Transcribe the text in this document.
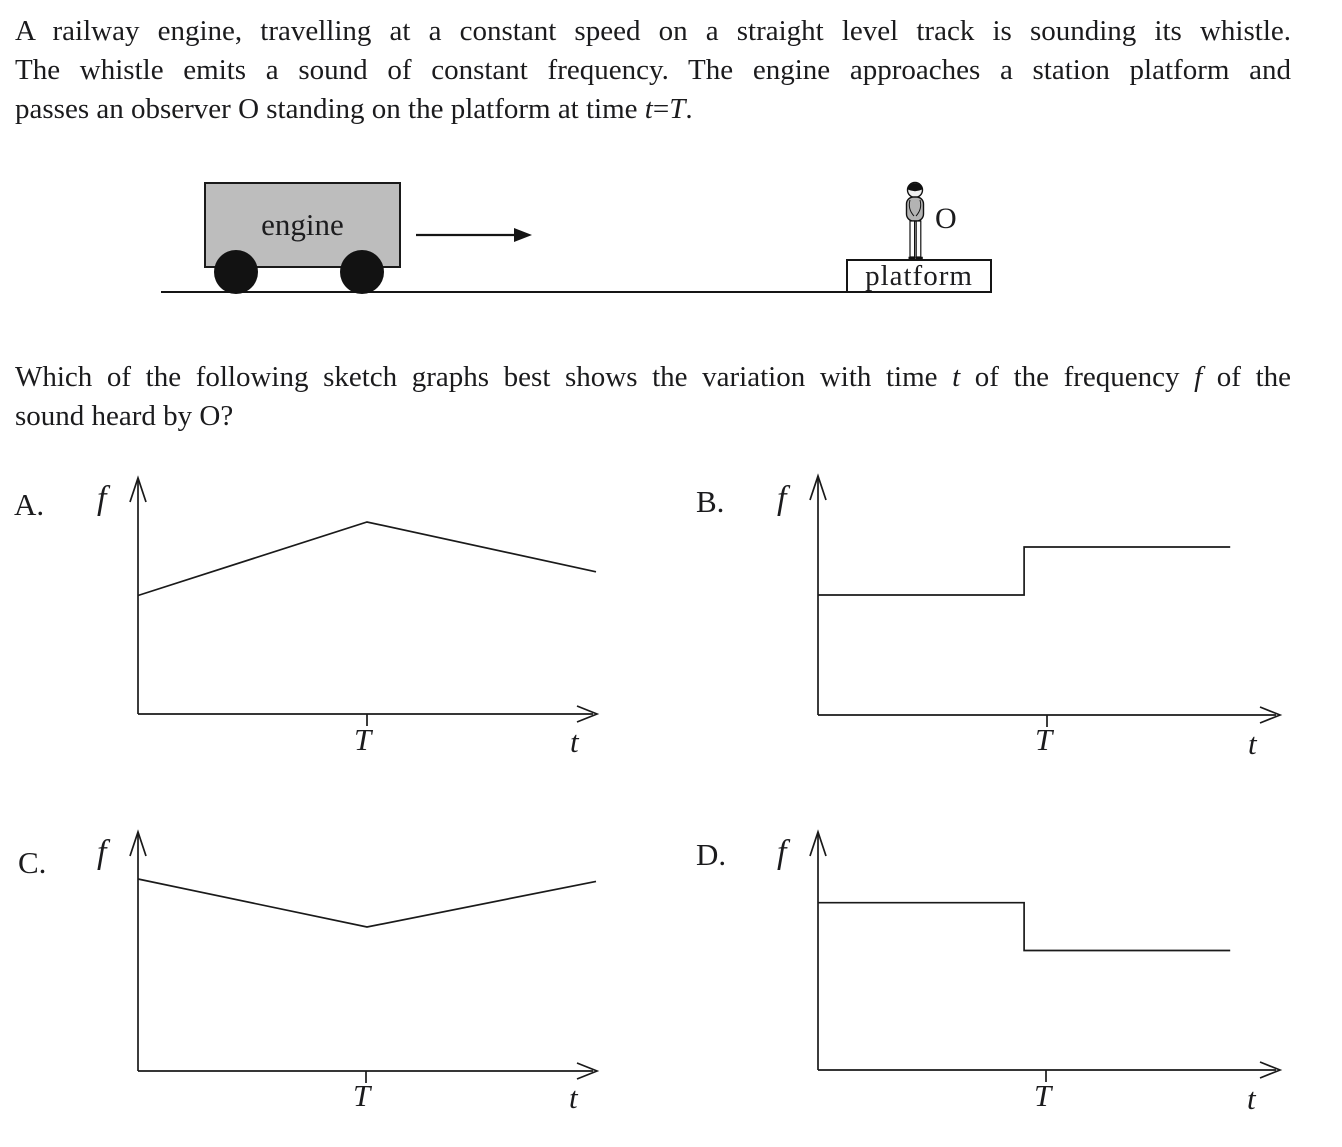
A railway engine, travelling at a constant speed on a straight level track is sounding its whistle.
The whistle emits a sound of constant frequency. The engine approaches a station platform and
passes an observer O standing on the platform at time t=T.
engine
platform
O
Which of the following sketch graphs best shows the variation with time t of the frequency f of the
sound heard by O?
A. f
T	t
B. f
T	t
C. f
T	t
D. f
T	t
